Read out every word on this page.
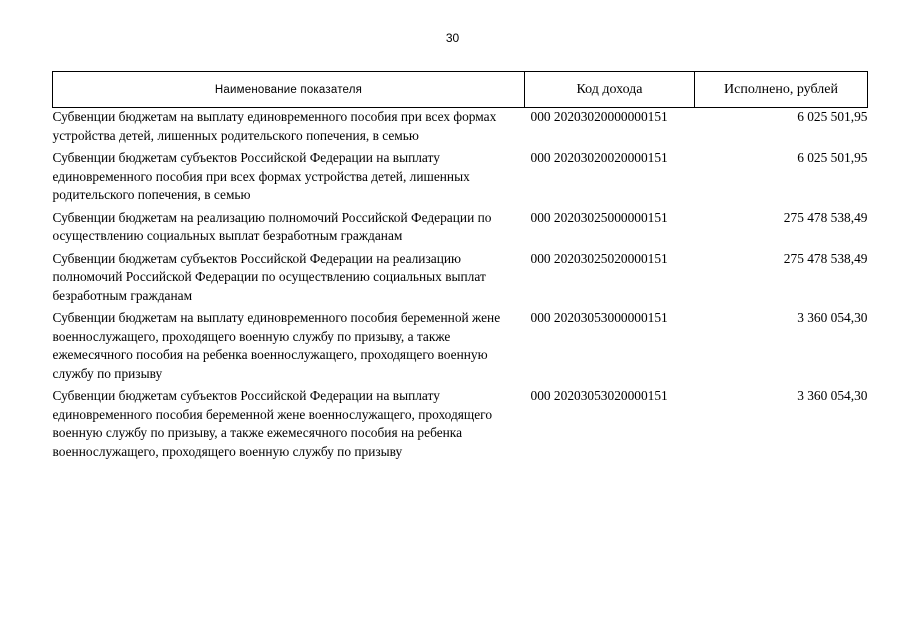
30
Наименование показателя	Код дохода	Исполнено, рублей
Субвенции бюджетам на выплату единовременного пособия при всех формах устройства детей, лишенных родительского попечения, в семью	000 20203020000000151	6 025 501,95
Субвенции бюджетам субъектов Российской Федерации на выплату единовременного пособия при всех формах устройства детей, лишенных родительского попечения, в семью	000 20203020020000151	6 025 501,95
Субвенции бюджетам на реализацию полномочий Российской Федерации по осуществлению социальных выплат безработным гражданам	000 20203025000000151	275 478 538,49
Субвенции бюджетам субъектов Российской Федерации на реализацию полномочий Российской Федерации по осуществлению социальных выплат безработным гражданам	000 20203025020000151	275 478 538,49
Субвенции бюджетам на выплату единовременного пособия беременной жене военнослужащего, проходящего военную службу по призыву, а также ежемесячного пособия на ребенка военнослужащего, проходящего военную службу по призыву	000 20203053000000151	3 360 054,30
Субвенции бюджетам субъектов Российской Федерации на выплату единовременного пособия беременной жене военнослужащего, проходящего военную службу по призыву, а также ежемесячного пособия на ребенка военнослужащего, проходящего военную службу по призыву	000 20203053020000151	3 360 054,30
